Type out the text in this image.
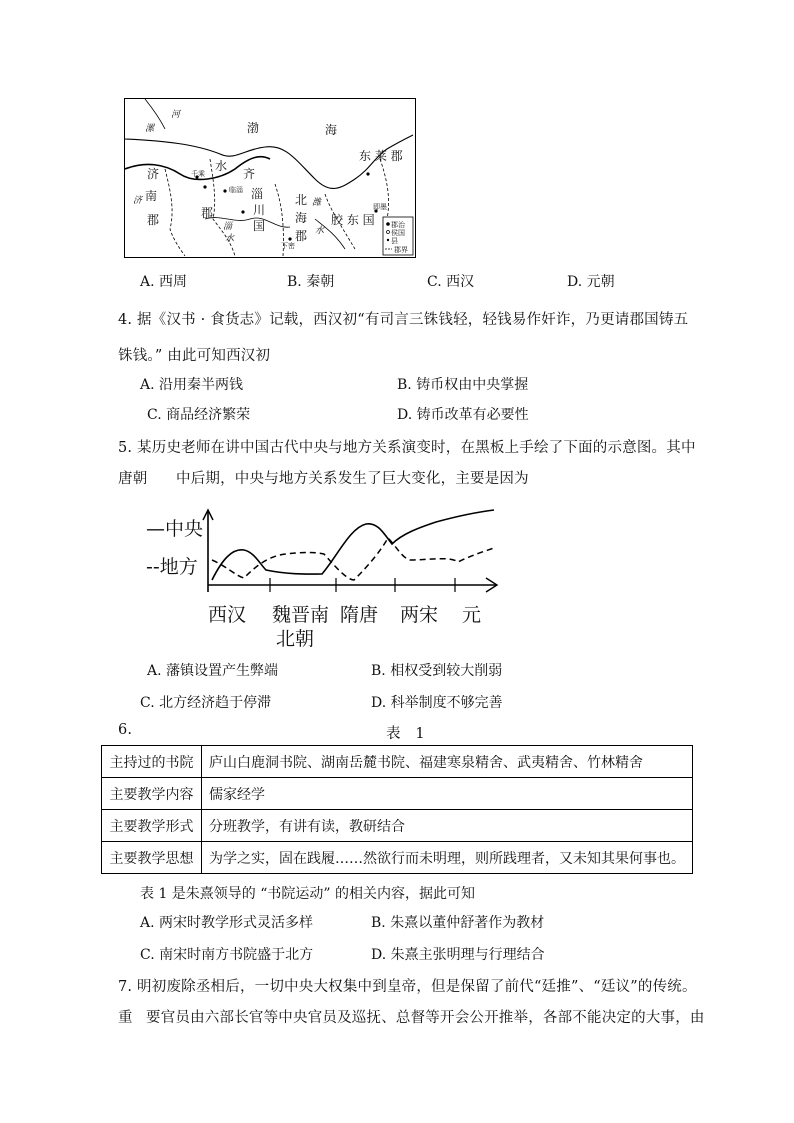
漯
河
渤	海
东 莱 郡
济
南
郡
水
齐
郡
淄
川
国
北
海
郡
胶 东 国
潍
水
淄
水
济
千乘
临淄
下密
即墨
郡治
侯国
县
郡界
A. 西周	B. 秦朝	C. 西汉	D. 元朝
4. 据《汉书 · 食货志》记载，西汉初“有司言三铢钱轻，轻钱易作奸诈，乃更请郡国铸五
铢钱。” 由此可知西汉初
A. 沿用秦半两钱	B. 铸币权由中央掌握
C. 商品经济繁荣	D. 铸币改革有必要性
5. 某历史老师在讲中国古代中央与地方关系演变时，在黑板上手绘了下面的示意图。其中
唐朝 中后期，中央与地方关系发生了巨大变化，主要是因为
—中央
--地方
西汉 魏晋南
北朝
隋唐 两宋 元
A. 藩镇设置产生弊端	B. 相权受到较大削弱
C. 北方经济趋于停滞	D. 科举制度不够完善
6.	表　1
主持过的书院	庐山白鹿洞书院、湖南岳麓书院、福建寒泉精舍、武夷精舍、竹林精舍
主要教学内容	儒家经学
主要教学形式	分班教学，有讲有读，教研结合
主要教学思想	为学之实，固在践履……然欲行而未明理，则所践理者，又未知其果何事也。
表 1 是朱熹领导的 “书院运动” 的相关内容，据此可知
A. 两宋时教学形式灵活多样	B. 朱熹以董仲舒著作为教材
C. 南宋时南方书院盛于北方	D. 朱熹主张明理与行理结合
7. 明初废除丞相后，一切中央大权集中到皇帝，但是保留了前代“廷推”、“廷议”的传统。
重 要官员由六部长官等中央官员及巡抚、总督等开会公开推举，各部不能决定的大事，由
